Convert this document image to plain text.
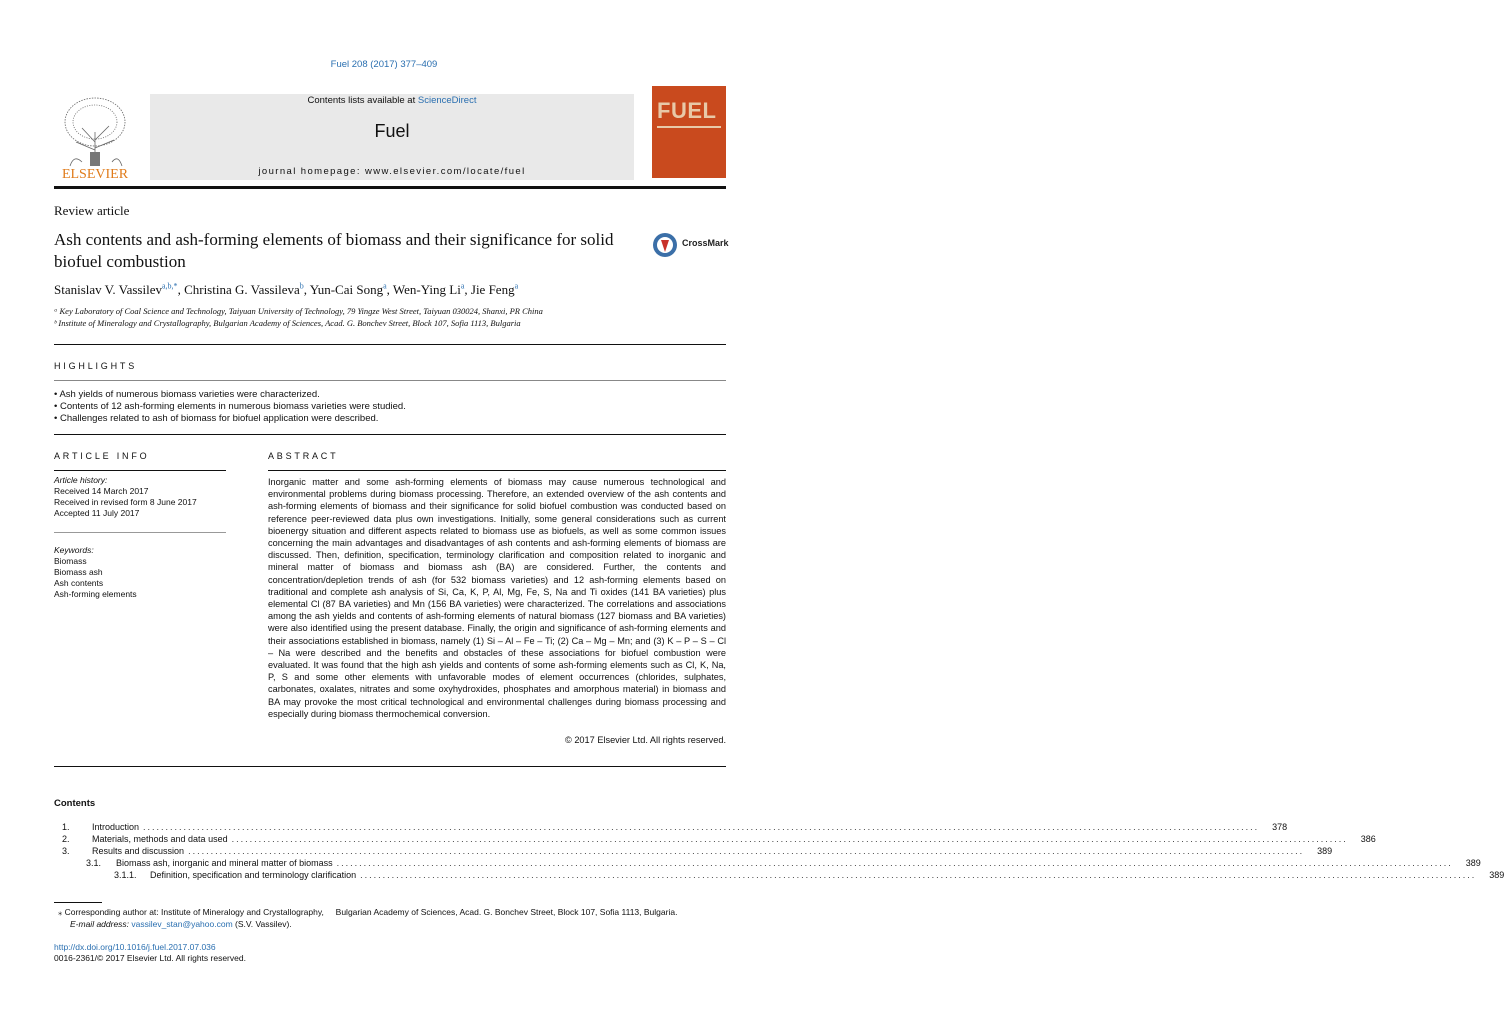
Fuel 208 (2017) 377–409
ELSEVIER
Contents lists available at ScienceDirect
Fuel
journal homepage: www.elsevier.com/locate/fuel
FUEL
Review article
Ash contents and ash-forming elements of biomass and their significance for solid biofuel combustion
CrossMark
Stanislav V. Vassilev$^{a,b,*}$, Christina G. Vassileva$^b$, Yun-Cai Song$^a$, Wen-Ying Li$^a$, Jie Feng$^a$
ᵃ Key Laboratory of Coal Science and Technology, Taiyuan University of Technology, 79 Yingze West Street, Taiyuan 030024, Shanxi, PR China
ᵇ Institute of Mineralogy and Crystallography, Bulgarian Academy of Sciences, Acad. G. Bonchev Street, Block 107, Sofia 1113, Bulgaria
HIGHLIGHTS
• Ash yields of numerous biomass varieties were characterized.
• Contents of 12 ash-forming elements in numerous biomass varieties were studied.
• Challenges related to ash of biomass for biofuel application were described.
ARTICLE INFO
Article history:
Received 14 March 2017
Received in revised form 8 June 2017
Accepted 11 July 2017
Keywords:
Biomass
Biomass ash
Ash contents
Ash-forming elements
ABSTRACT
Inorganic matter and some ash-forming elements of biomass may cause numerous technological and environmental problems during biomass processing. Therefore, an extended overview of the ash contents and ash-forming elements of biomass and their significance for solid biofuel combustion was conducted based on reference peer-reviewed data plus own investigations. Initially, some general considerations such as current bioenergy situation and different aspects related to biomass use as biofuels, as well as some common issues concerning the main advantages and disadvantages of ash contents and ash-forming elements of biomass are discussed. Then, definition, specification, terminology clarification and composition related to inorganic and mineral matter of biomass and biomass ash (BA) are considered. Further, the contents and concentration/depletion trends of ash (for 532 biomass varieties) and 12 ash-forming elements based on traditional and complete ash analysis of Si, Ca, K, P, Al, Mg, Fe, S, Na and Ti oxides (141 BA varieties) plus elemental Cl (87 BA varieties) and Mn (156 BA varieties) were characterized. The correlations and associations among the ash yields and contents of ash-forming elements of natural biomass (127 biomass and BA varieties) were also identified using the present database. Finally, the origin and significance of ash-forming elements and their associations established in biomass, namely (1) Si – Al – Fe – Ti; (2) Ca – Mg – Mn; and (3) K – P – S – Cl – Na were described and the benefits and obstacles of these associations for biofuel combustion were evaluated. It was found that the high ash yields and contents of some ash-forming elements such as Cl, K, Na, P, S and some other elements with unfavorable modes of element occurrences (chlorides, sulphates, carbonates, oxalates, nitrates and some oxyhydroxides, phosphates and amorphous material) in biomass and BA may provoke the most critical technological and environmental challenges during biomass processing and especially during biomass thermochemical conversion.
© 2017 Elsevier Ltd. All rights reserved.
Contents
1.	Introduction ........................................................................................................................................................................................................................................................	378
2.	Materials, methods and data used ........................................................................................................................................................................................................................................................	386
3.	Results and discussion ........................................................................................................................................................................................................................................................	389
3.1.	Biomass ash, inorganic and mineral matter of biomass ........................................................................................................................................................................................................................................................	389
3.1.1.	Definition, specification and terminology clarification ........................................................................................................................................................................................................................................................	389
⁎ Corresponding author at: Institute of Mineralogy and Crystallography,     Bulgarian Academy of Sciences, Acad. G. Bonchev Street, Block 107, Sofia 1113, Bulgaria.
E-mail address: vassilev_stan@yahoo.com (S.V. Vassilev).
http://dx.doi.org/10.1016/j.fuel.2017.07.036
0016-2361/© 2017 Elsevier Ltd. All rights reserved.
